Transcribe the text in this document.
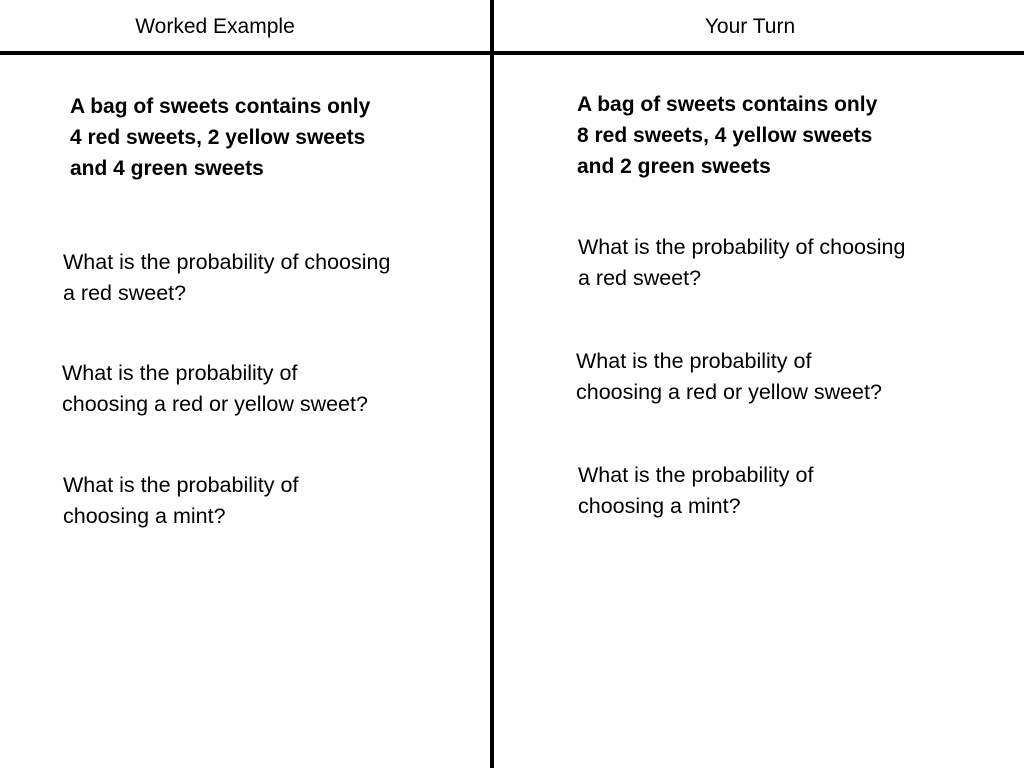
Worked Example	Your Turn
A bag of sweets contains only
4 red sweets, 2 yellow sweets
and 4 green sweets
What is the probability of choosing
a red sweet?
What is the probability of
choosing a red or yellow sweet?
What is the probability of
choosing a mint?
A bag of sweets contains only
8 red sweets, 4 yellow sweets
and 2 green sweets
What is the probability of choosing
a red sweet?
What is the probability of
choosing a red or yellow sweet?
What is the probability of
choosing a mint?
